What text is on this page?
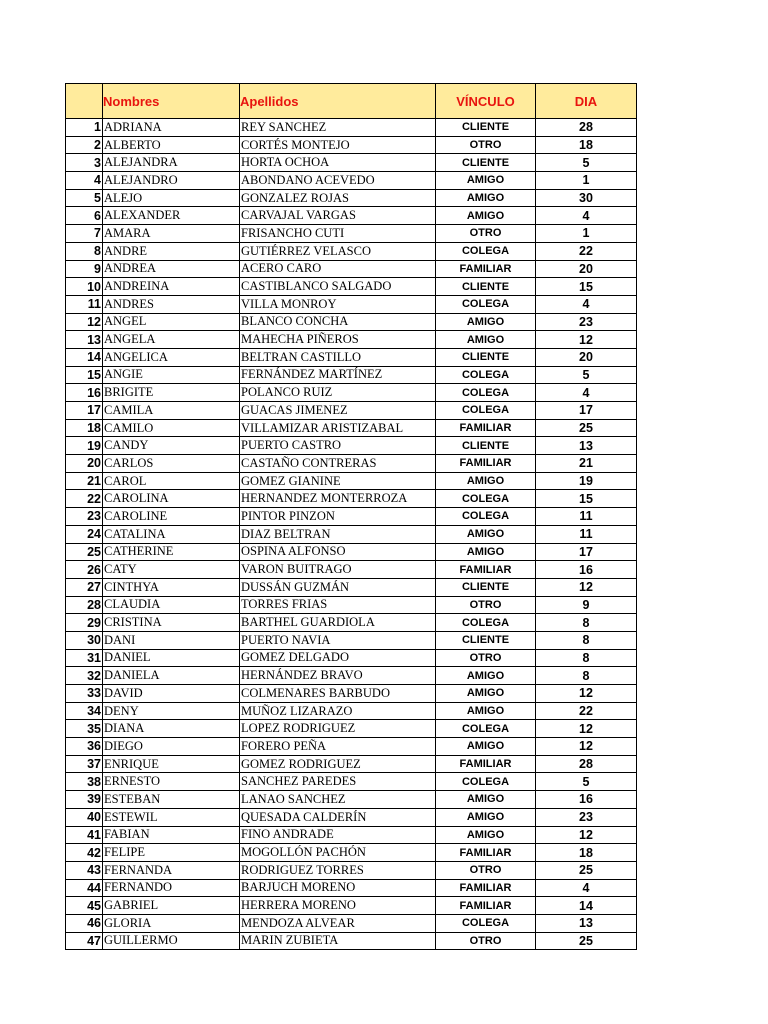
	Nombres	Apellidos	VÍNCULO	DIA
1	ADRIANA	REY SANCHEZ	CLIENTE	28
2	ALBERTO	CORTÉS MONTEJO	OTRO	18
3	ALEJANDRA	HORTA OCHOA	CLIENTE	5
4	ALEJANDRO	ABONDANO ACEVEDO	AMIGO	1
5	ALEJO	GONZALEZ ROJAS	AMIGO	30
6	ALEXANDER	CARVAJAL VARGAS	AMIGO	4
7	AMARA	FRISANCHO CUTI	OTRO	1
8	ANDRE	GUTIÉRREZ VELASCO	COLEGA	22
9	ANDREA	ACERO CARO	FAMILIAR	20
10	ANDREINA	CASTIBLANCO SALGADO	CLIENTE	15
11	ANDRES	VILLA MONROY	COLEGA	4
12	ANGEL	BLANCO CONCHA	AMIGO	23
13	ANGELA	MAHECHA PIÑEROS	AMIGO	12
14	ANGELICA	BELTRAN CASTILLO	CLIENTE	20
15	ANGIE	FERNÁNDEZ MARTÍNEZ	COLEGA	5
16	BRIGITE	POLANCO RUIZ	COLEGA	4
17	CAMILA	GUACAS JIMENEZ	COLEGA	17
18	CAMILO	VILLAMIZAR ARISTIZABAL	FAMILIAR	25
19	CANDY	PUERTO CASTRO	CLIENTE	13
20	CARLOS	CASTAÑO CONTRERAS	FAMILIAR	21
21	CAROL	GOMEZ GIANINE	AMIGO	19
22	CAROLINA	HERNANDEZ MONTERROZA	COLEGA	15
23	CAROLINE	PINTOR PINZON	COLEGA	11
24	CATALINA	DIAZ BELTRAN	AMIGO	11
25	CATHERINE	OSPINA ALFONSO	AMIGO	17
26	CATY	VARON BUITRAGO	FAMILIAR	16
27	CINTHYA	DUSSÁN GUZMÁN	CLIENTE	12
28	CLAUDIA	TORRES FRIAS	OTRO	9
29	CRISTINA	BARTHEL GUARDIOLA	COLEGA	8
30	DANI	PUERTO NAVIA	CLIENTE	8
31	DANIEL	GOMEZ DELGADO	OTRO	8
32	DANIELA	HERNÁNDEZ BRAVO	AMIGO	8
33	DAVID	COLMENARES BARBUDO	AMIGO	12
34	DENY	MUÑOZ LIZARAZO	AMIGO	22
35	DIANA	LOPEZ RODRIGUEZ	COLEGA	12
36	DIEGO	FORERO PEÑA	AMIGO	12
37	ENRIQUE	GOMEZ RODRIGUEZ	FAMILIAR	28
38	ERNESTO	SANCHEZ PAREDES	COLEGA	5
39	ESTEBAN	LANAO SANCHEZ	AMIGO	16
40	ESTEWIL	QUESADA CALDERÍN	AMIGO	23
41	FABIAN	FINO ANDRADE	AMIGO	12
42	FELIPE	MOGOLLÓN PACHÓN	FAMILIAR	18
43	FERNANDA	RODRIGUEZ TORRES	OTRO	25
44	FERNANDO	BARJUCH MORENO	FAMILIAR	4
45	GABRIEL	HERRERA MORENO	FAMILIAR	14
46	GLORIA	MENDOZA ALVEAR	COLEGA	13
47	GUILLERMO	MARIN ZUBIETA	OTRO	25
